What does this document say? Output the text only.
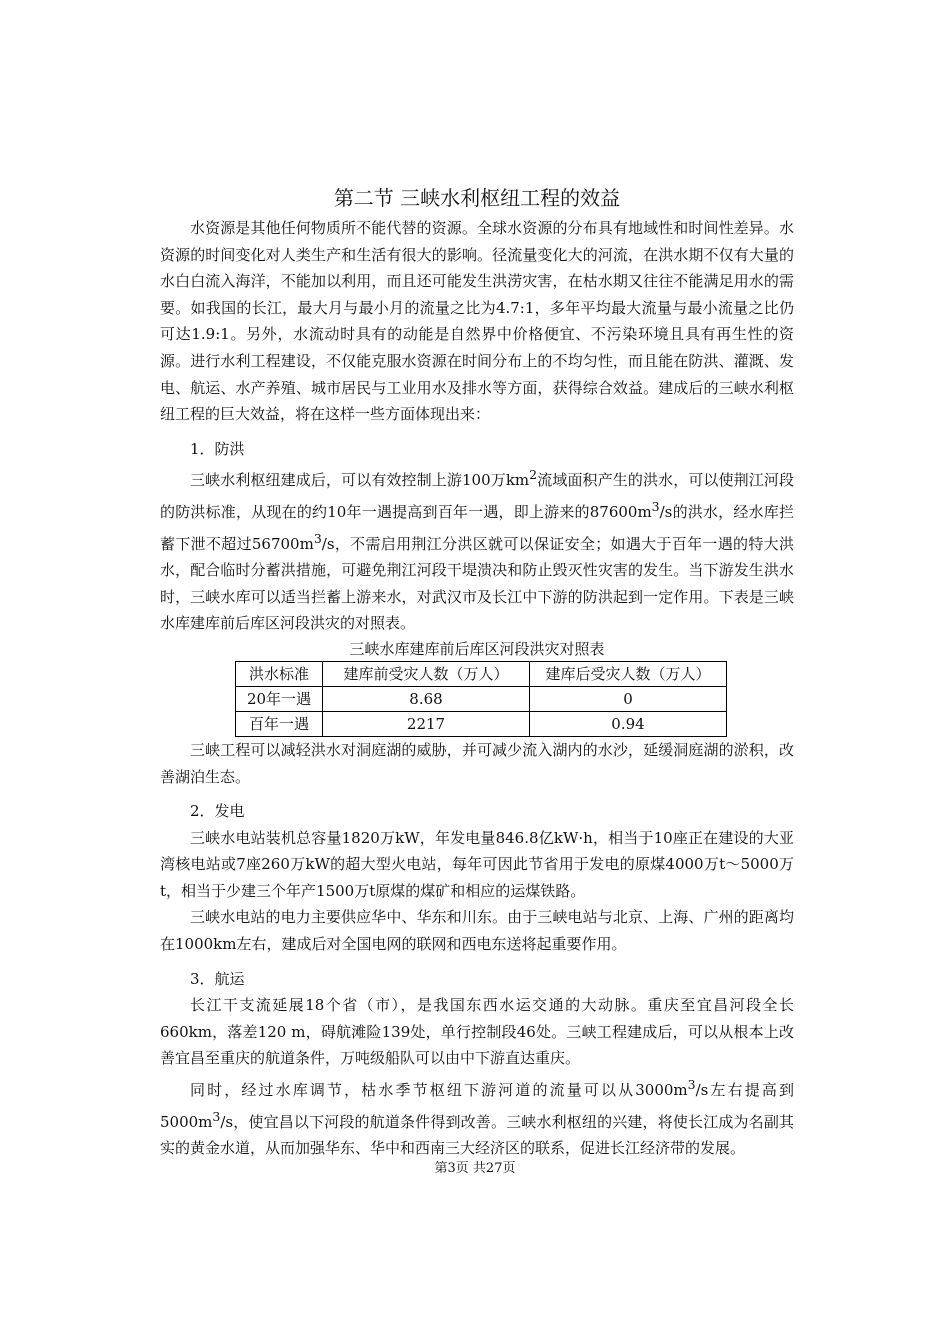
第二节 三峡水利枢纽工程的效益

水资源是其他任何物质所不能代替的资源。全球水资源的分布具有地域性和时间性差异。水资源的时间变化对人类生产和生活有很大的影响。径流量变化大的河流，在洪水期不仅有大量的水白白流入海洋，不能加以利用，而且还可能发生洪涝灾害，在枯水期又往往不能满足用水的需要。如我国的长江，最大月与最小月的流量之比为4.7:1，多年平均最大流量与最小流量之比仍可达1.9:1。另外，水流动时具有的动能是自然界中价格便宜、不污染环境且具有再生性的资源。进行水利工程建设，不仅能克服水资源在时间分布上的不均匀性，而且能在防洪、灌溉、发电、航运、水产养殖、城市居民与工业用水及排水等方面，获得综合效益。建成后的三峡水利枢纽工程的巨大效益，将在这样一些方面体现出来：

1．防洪

三峡水利枢纽建成后，可以有效控制上游100万$km^2$流域面积产生的洪水，可以使荆江河段的防洪标准，从现在的约10年一遇提高到百年一遇，即上游来的$87600m^3/s$的洪水，经水库拦蓄下泄不超过$56700m^3/s$，不需启用荆江分洪区就可以保证安全；如遇大于百年一遇的特大洪水，配合临时分蓄洪措施，可避免荆江河段干堤溃决和防止毁灭性灾害的发生。当下游发生洪水时，三峡水库可以适当拦蓄上游来水，对武汉市及长江中下游的防洪起到一定作用。下表是三峡水库建库前后库区河段洪灾的对照表。

三峡水库建库前后库区河段洪灾对照表
洪水标准	建库前受灾人数（万人）	建库后受灾人数（万人）
20年一遇	8.68	0
百年一遇	2217	0.94

三峡工程可以减轻洪水对洞庭湖的威胁，并可减少流入湖内的水沙，延缓洞庭湖的淤积，改善湖泊生态。

2．发电

三峡水电站装机总容量1820万kW，年发电量846.8亿kW·h，相当于10座正在建设的大亚湾核电站或7座260万kW的超大型火电站，每年可因此节省用于发电的原煤4000万t～5000万t，相当于少建三个年产1500万t原煤的煤矿和相应的运煤铁路。

三峡水电站的电力主要供应华中、华东和川东。由于三峡电站与北京、上海、广州的距离均在1000km左右，建成后对全国电网的联网和西电东送将起重要作用。

3．航运

长江干支流延展18个省（市），是我国东西水运交通的大动脉。重庆至宜昌河段全长660km，落差120 m，碍航滩险139处，单行控制段46处。三峡工程建成后，可以从根本上改善宜昌至重庆的航道条件，万吨级船队可以由中下游直达重庆。

同时，经过水库调节，枯水季节枢纽下游河道的流量可以从$3000m^3/s$左右提高到$5000m^3/s$，使宜昌以下河段的航道条件得到改善。三峡水利枢纽的兴建，将使长江成为名副其实的黄金水道，从而加强华东、华中和西南三大经济区的联系，促进长江经济带的发展。

第3页 共27页
